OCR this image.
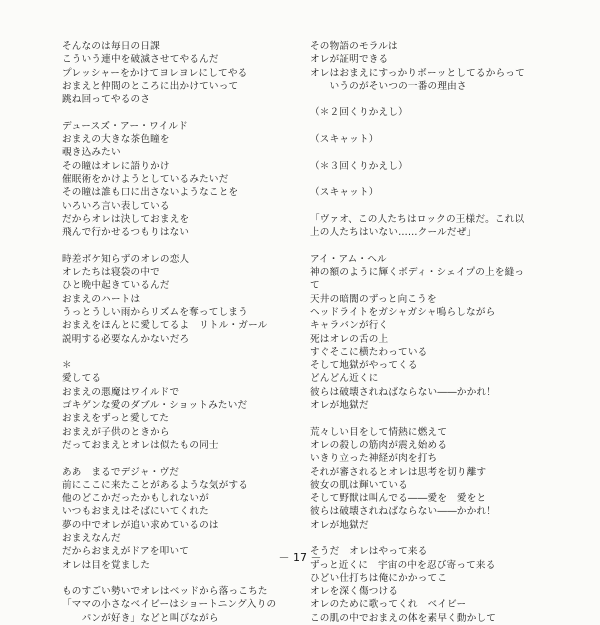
そんなのは毎日の日課
こういう連中を破滅させてやるんだ
プレッシャーをかけてヨレヨレにしてやる
おまえと仲間のところに出かけていって
跳ね回ってやるのさ
デュースズ・アー・ワイルド
おまえの大きな茶色瞳を
覗き込みたい
その瞳はオレに語りかけ
催眠術をかけようとしているみたいだ
その瞳は誰も口に出さないようなことを
いろいろ言い表している
だからオレは決しておまえを
飛んで行かせるつもりはない
時差ボケ知らずのオレの恋人
オレたちは寝袋の中で
ひと晩中起きているんだ
おまえのハートは
うっとうしい雨からリズムを奪ってしまう
おまえをほんとに愛してるよ　リトル・ガール
説明する必要なんかないだろ
＊
愛してる
おまえの悪魔はワイルドで
ゴキゲンな愛のダブル・ショットみたいだ
おまえをずっと愛してた
おまえが子供のときから
だっておまえとオレは似たもの同士
ああ　まるでデジャ・ヴだ
前にここに来たことがあるような気がする
他のどこかだったかもしれないが
いつもおまえはそばにいてくれた
夢の中でオレが追い求めているのは
おまえなんだ
だからおまえがドアを叩いて
オレは目を覚ました
ものすごい勢いでオレはベッドから落っこちた
「ママの小さなベイビーはショートニング入りの
　　パンが好き」などと叫びながら
その物語のモラルは
オレが証明できる
オレはおまえにすっかりボーッとしてるからって
　　いうのがそいつの一番の理由さ
（＊２回くりかえし）
（スキャット）
（＊３回くりかえし）
（スキャット）
「ヴァオ、この人たちはロックの王様だ。これ以
上の人たちはいない……クールだぜ」
アイ・アム・ヘル
神の額のように輝くボディ・シェイプの上を縫っ
て
天井の暗闇のずっと向こうを
ヘッドライトをガシャガシャ鳴らしながら
キャラバンが行く
死はオレの舌の上
すぐそこに横たわっている
そして地獄がやってくる
どんどん近くに
彼らは破壊されねばならない――かかれ！
オレが地獄だ
荒々しい目をして情熱に燃えて
オレの殺しの筋肉が震え始める
いきり立った神経が肉を打ち
それが審されるとオレは思考を切り離す
彼女の肌は輝いている
そして野獣は叫んでる――愛を　愛をと
彼らは破壊されねばならない――かかれ！
オレが地獄だ
そうだ　オレはやって来る
ずっと近くに　宇宙の中を忍び寄って来る
ひどい仕打ちは俺にかかってこ
オレを深く傷つける
オレのために歌ってくれ　ベイビー
この肌の中でおまえの体を素早く動かして
－ 17 －
